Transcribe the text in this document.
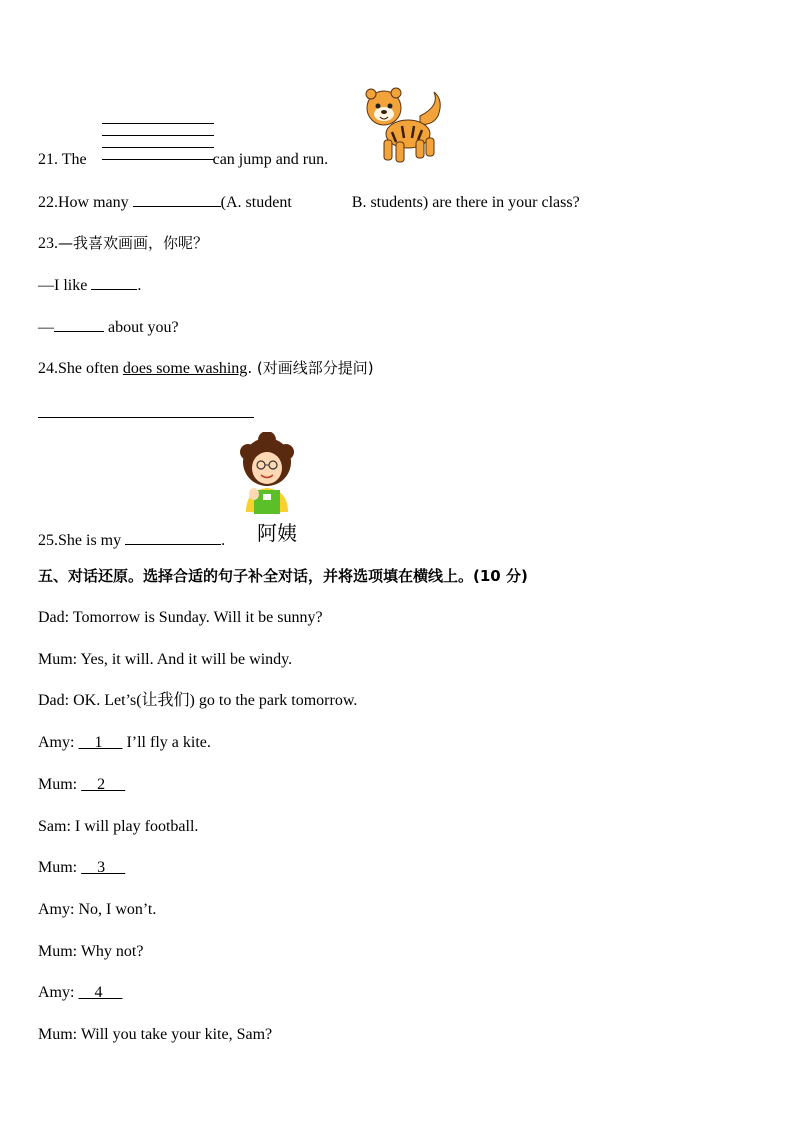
21. The	can jump and run.
22.How many	(A. student	B. students) are there in your class?
23.—我喜欢画画，你呢？
—I like	.
—	about you?
24.She often does some washing. (对画线部分提问)
阿姨
25.She is my	.
五、对话还原。选择合适的句子补全对话，并将选项填在横线上。(10 分)
Dad: Tomorrow is Sunday. Will it be sunny?
Mum: Yes, it will. And it will be windy.
Dad: OK. Let’s(让我们) go to the park tomorrow.
Amy:     1      I’ll fly a kite.
Mum:     2
Sam: I will play football.
Mum:     3
Amy: No, I won’t.
Mum: Why not?
Amy:     4
Mum: Will you take your kite, Sam?
